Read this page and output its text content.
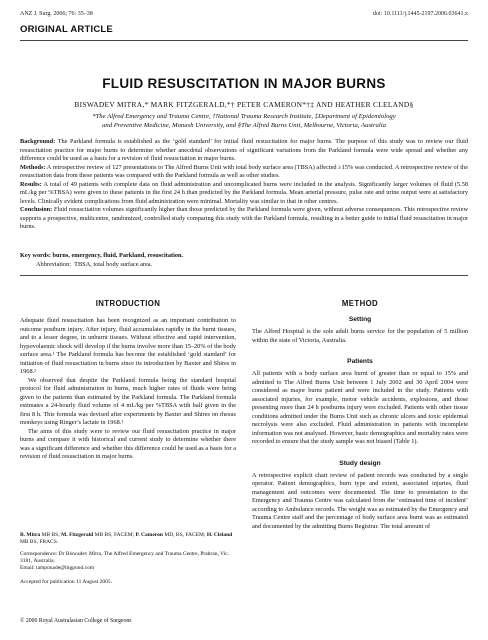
ANZ J. Surg. 2006; 76: 35–38	doi: 10.1111/j.1445-2197.2006.03641.x
ORIGINAL ARTICLE
FLUID RESUSCITATION IN MAJOR BURNS
BISWADEV MITRA,* MARK FITZGERALD,*† PETER CAMERON*†‡ AND HEATHER CLELAND§
*The Alfred Emergency and Trauma Centre, †National Trauma Research Institute, ‡Department of Epidemiology
and Preventive Medicine, Monash University, and §The Alfred Burns Unit, Melbourne, Victoria, Australia

Background: The Parkland formula is established as the ‘gold standard’ for initial fluid resuscitation for major burns. The purpose of this study was to review our fluid resuscitation practice for major burns to determine whether anecdotal observations of significant variations from the Parkland formula were wide spread and whether any difference could be used as a basis for a revision of fluid resuscitation in major burns.

Methods: A retrospective review of 127 presentations to The Alfred Burns Unit with total body surface area (TBSA) affected ≥15% was conducted. A retrospective review of the resuscitation data from these patients was compared with the Parkland formula as well as other studies.

Results: A total of 49 patients with complete data on fluid administration and uncomplicated burns were included in the analysis. Significantly larger volumes of fluid (5.58 mL/kg per %TBSA) were given to these patients in the first 24 h than predicted by the Parkland formula. Mean arterial pressure, pulse rate and urine output were at satisfactory levels. Clinically evident complications from fluid administration were minimal. Mortality was similar to that in other centres.

Conclusion: Fluid resuscitation volumes significantly higher than those predicted by the Parkland formula were given, without adverse consequences. This retrospective review supports a prospective, multicentre, randomized, controlled study comparing this study with the Parkland formula, resulting in a better guide to initial fluid resuscitation in major burns.

Key words: burns, emergency, fluid, Parkland, resuscitation.

Abbreviation: TBSA, total body surface area.

INTRODUCTION

Adequate fluid resuscitation has been recognized as an important contribution to outcome postburn injury. After injury, fluid accumulates rapidly in the burnt tissues, and to a lesser degree, in unburnt tissues. Without effective and rapid intervention, hypovolaemic shock will develop if the burns involve more than 15–20% of the body surface area.¹ The Parkland formula has become the established ‘gold standard’ for initiation of fluid resuscitation in burns since its introduction by Baxter and Shires in 1968.²

We observed that despite the Parkland formula being the standard hospital protocol for fluid administration in burns, much higher rates of fluids were being given to the patients than estimated by the Parkland formula. The Parkland formula estimates a 24-hourly fluid volume of 4 mL/kg per %TBSA with half given in the first 8 h. This formula was devised after experiments by Baxter and Shires on rhesus monkeys using Ringer’s lactate in 1968.²

The aims of this study were to review our fluid resuscitation practice in major burns and compare it with historical and current study to determine whether there was a significant difference and whether this difference could be used as a basis for a revision of fluid resuscitation in major burns.

B. Mitra MB BS; M. Fitzgerald MB BS, FACEM; P. Cameron MD, BS, FACEM; H. Cleland MB BS, FRACS.

Correspondence: Dr Biswadev Mitra, The Alfred Emergency and Trauma Centre, Prahran, Vic. 3181, Australia.

Email: tamponade@bigpond.com

Accepted for publication 11 August 2005.

© 2006 Royal Australasian College of Surgeons
METHOD
Setting

The Alfred Hospital is the sole adult burns service for the population of 5 million within the state of Victoria, Australia.

Patients

All patients with a body surface area burnt of greater than or equal to 15% and admitted to The Alfred Burns Unit between 1 July 2002 and 30 April 2004 were considered as major burns patient and were included in the study. Patients with associated injuries, for example, motor vehicle accidents, explosions, and those presenting more than 24 h postburns injury were excluded. Patients with other tissue conditions admitted under the Burns Unit such as chronic ulcers and toxic epidermal necrolysis were also excluded. Fluid administration in patients with incomplete information was not analysed. However, basic demographics and mortality rates were recorded to ensure that the study sample was not biased (Table 1).

Study design

A retrospective explicit chart review of patient records was conducted by a single operator. Patient demographics, burn type and extent, associated injuries, fluid management and outcomes were documented. The time to presentation to the Emergency and Trauma Centre was calculated from the ‘estimated time of incident’ according to Ambulance records. The weight was as estimated by the Emergency and Trauma Centre staff and the percentage of body surface area burnt was as estimated and documented by the admitting Burns Registrar. The total amount of
